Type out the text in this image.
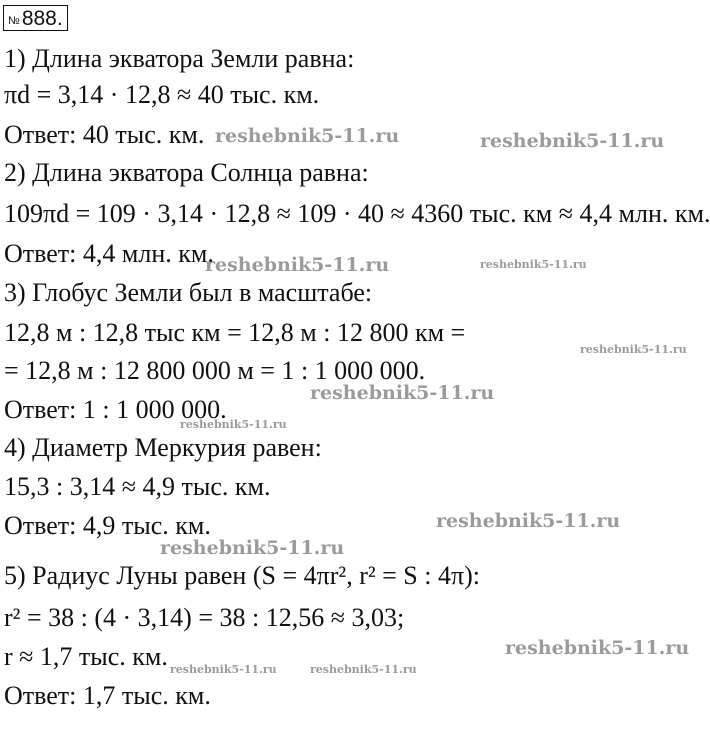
№ 888.
1) Длина экватора Земли равна:
πd = 3,14 · 12,8 ≈ 40 тыс. км.
Ответ: 40 тыс. км.
2) Длина экватора Солнца равна:
109πd = 109 · 3,14 · 12,8 ≈ 109 · 40 ≈ 4360 тыс. км ≈ 4,4 млн. км.
Ответ: 4,4 млн. км.
3) Глобус Земли был в масштабе:
12,8 м : 12,8 тыс км = 12,8 м : 12 800 км =
= 12,8 м : 12 800 000 м = 1 : 1 000 000.
Ответ: 1 : 1 000 000.
4) Диаметр Меркурия равен:
15,3 : 3,14 ≈ 4,9 тыс. км.
Ответ: 4,9 тыс. км.
5) Радиус Луны равен (S = 4πr², r² = S : 4π):
r² = 38 : (4 · 3,14) = 38 : 12,56 ≈ 3,03;
r ≈ 1,7 тыс. км.
Ответ: 1,7 тыс. км.
reshebnik5-11.ru	reshebnik5-11.ru
reshebnik5-11.ru	reshebnik5-11.ru
reshebnik5-11.ru
reshebnik5-11.ru
reshebnik5-11.ru
reshebnik5-11.ru
reshebnik5-11.ru
reshebnik5-11.ru
reshebnik5-11.ru	reshebnik5-11.ru
